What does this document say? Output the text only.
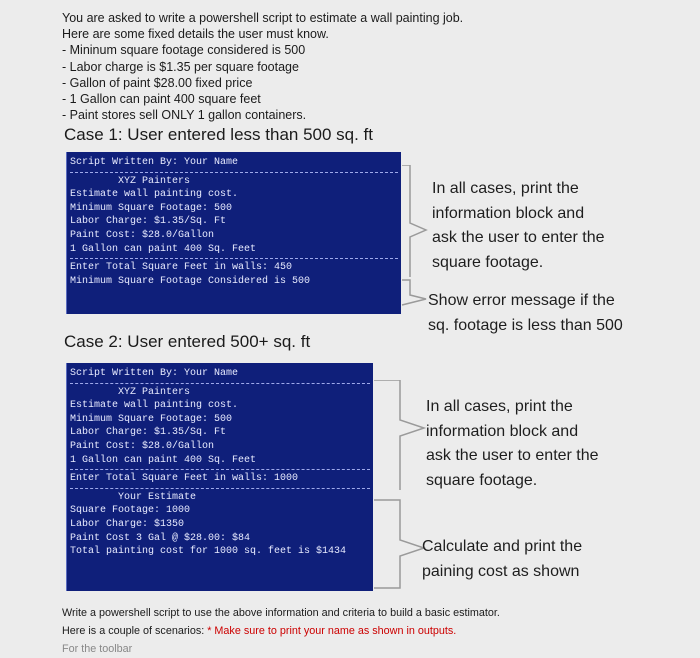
You are asked to write a powershell script to estimate a wall painting job.
Here are some fixed details the user must know.
- Mininum square footage considered is 500
- Labor charge is $1.35 per square footage
- Gallon of paint $28.00 fixed price
- 1 Gallon can paint 400 square feet
- Paint stores sell ONLY 1 gallon containers.
Case 1: User entered less than 500 sq. ft
Script Written By: Your Name
XYZ Painters
Estimate wall painting cost.
Minimum Square Footage: 500
Labor Charge: $1.35/Sq. Ft
Paint Cost: $28.0/Gallon
1 Gallon can paint 400 Sq. Feet
Enter Total Square Feet in walls: 450
Minimum Square Footage Considered is 500
In all cases, print the
information block and
ask the user to enter the
square footage.
Show error message if the
sq. footage is less than 500
Case 2: User entered 500+ sq. ft
Script Written By: Your Name
XYZ Painters
Estimate wall painting cost.
Minimum Square Footage: 500
Labor Charge: $1.35/Sq. Ft
Paint Cost: $28.0/Gallon
1 Gallon can paint 400 Sq. Feet
Enter Total Square Feet in walls: 1000
Your Estimate
Square Footage: 1000
Labor Charge: $1350
Paint Cost 3 Gal @ $28.00: $84
Total painting cost for 1000 sq. feet is $1434
In all cases, print the
information block and
ask the user to enter the
square footage.
Calculate and print the
paining cost as shown
Write a powershell script to use the above information and criteria to build a basic estimator.
Here is a couple of scenarios: * Make sure to print your name as shown in outputs.
For the toolbar
